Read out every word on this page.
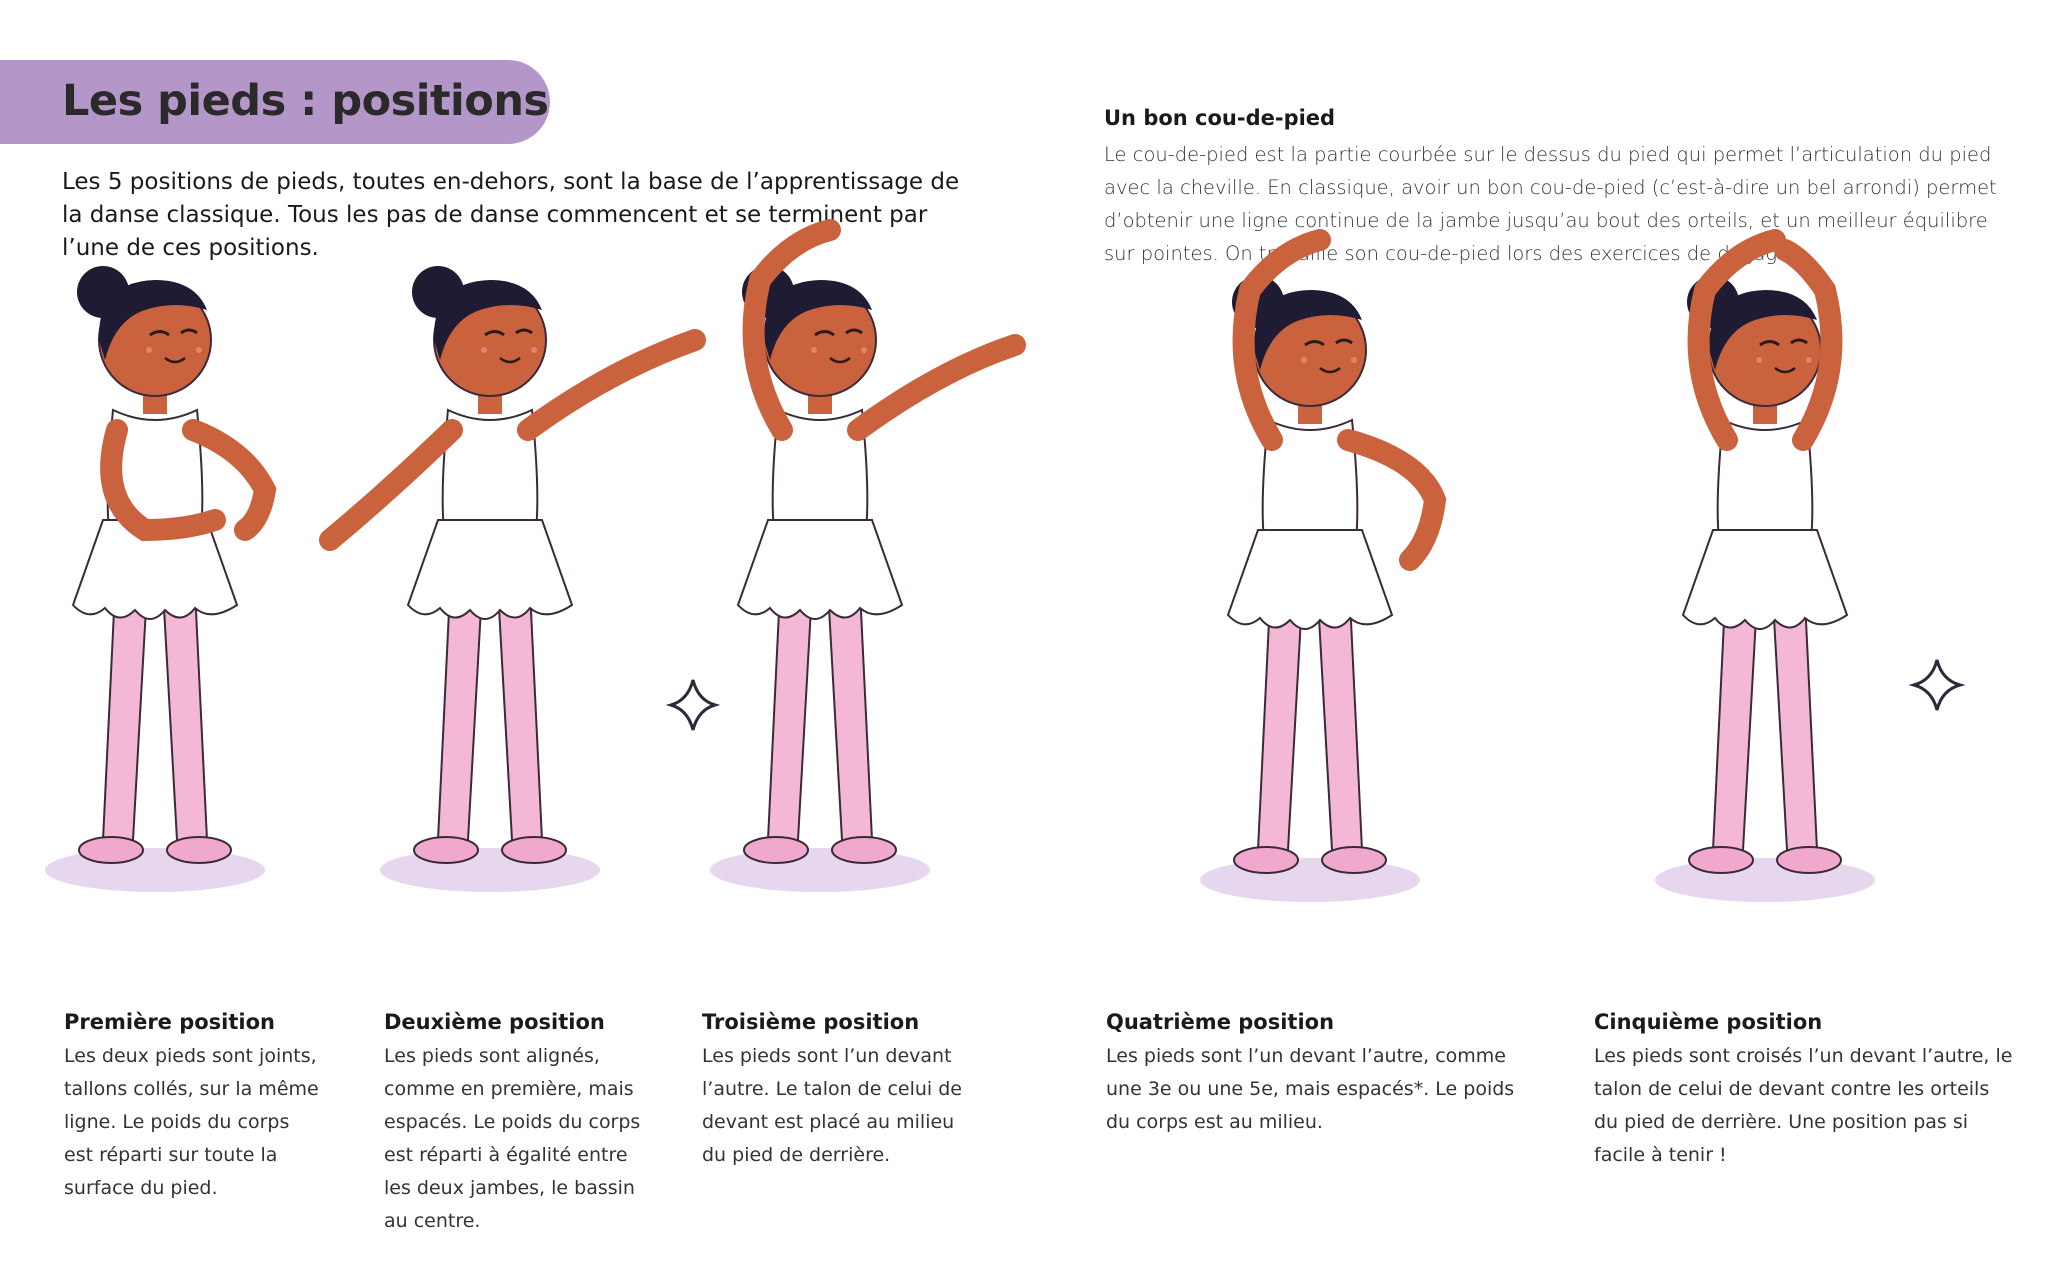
Les pieds : positions
Les 5 positions de pieds, toutes en-dehors, sont la base de l’apprentissage de la danse classique. Tous les pas de danse commencent et se terminent par l’une de ces positions.
Un bon cou-de-pied
Le cou-de-pied est la partie courbée sur le dessus du pied qui permet l’articulation du pied avec la cheville. En classique, avoir un bon cou-de-pied (c’est-à-dire un bel arrondi) permet d’obtenir une ligne continue de la jambe jusqu’au bout des orteils, et un meilleur équilibre sur pointes. On travaille son cou-de-pied lors des exercices de dégagés.
Première position
Les deux pieds sont joints, tallons collés, sur la même ligne. Le poids du corps est réparti sur toute la surface du pied.
Deuxième position
Les pieds sont alignés, comme en première, mais espacés. Le poids du corps est réparti à égalité entre les deux jambes, le bassin au centre.
Troisième position
Les pieds sont l’un devant l’autre. Le talon de celui de devant est placé au milieu du pied de derrière.
Quatrième position
Les pieds sont l’un devant l’autre, comme une 3e ou une 5e, mais espacés*. Le poids du corps est au milieu.
Cinquième position
Les pieds sont croisés l’un devant l’autre, le talon de celui de devant contre les orteils du pied de derrière. Une position pas si facile à tenir !
